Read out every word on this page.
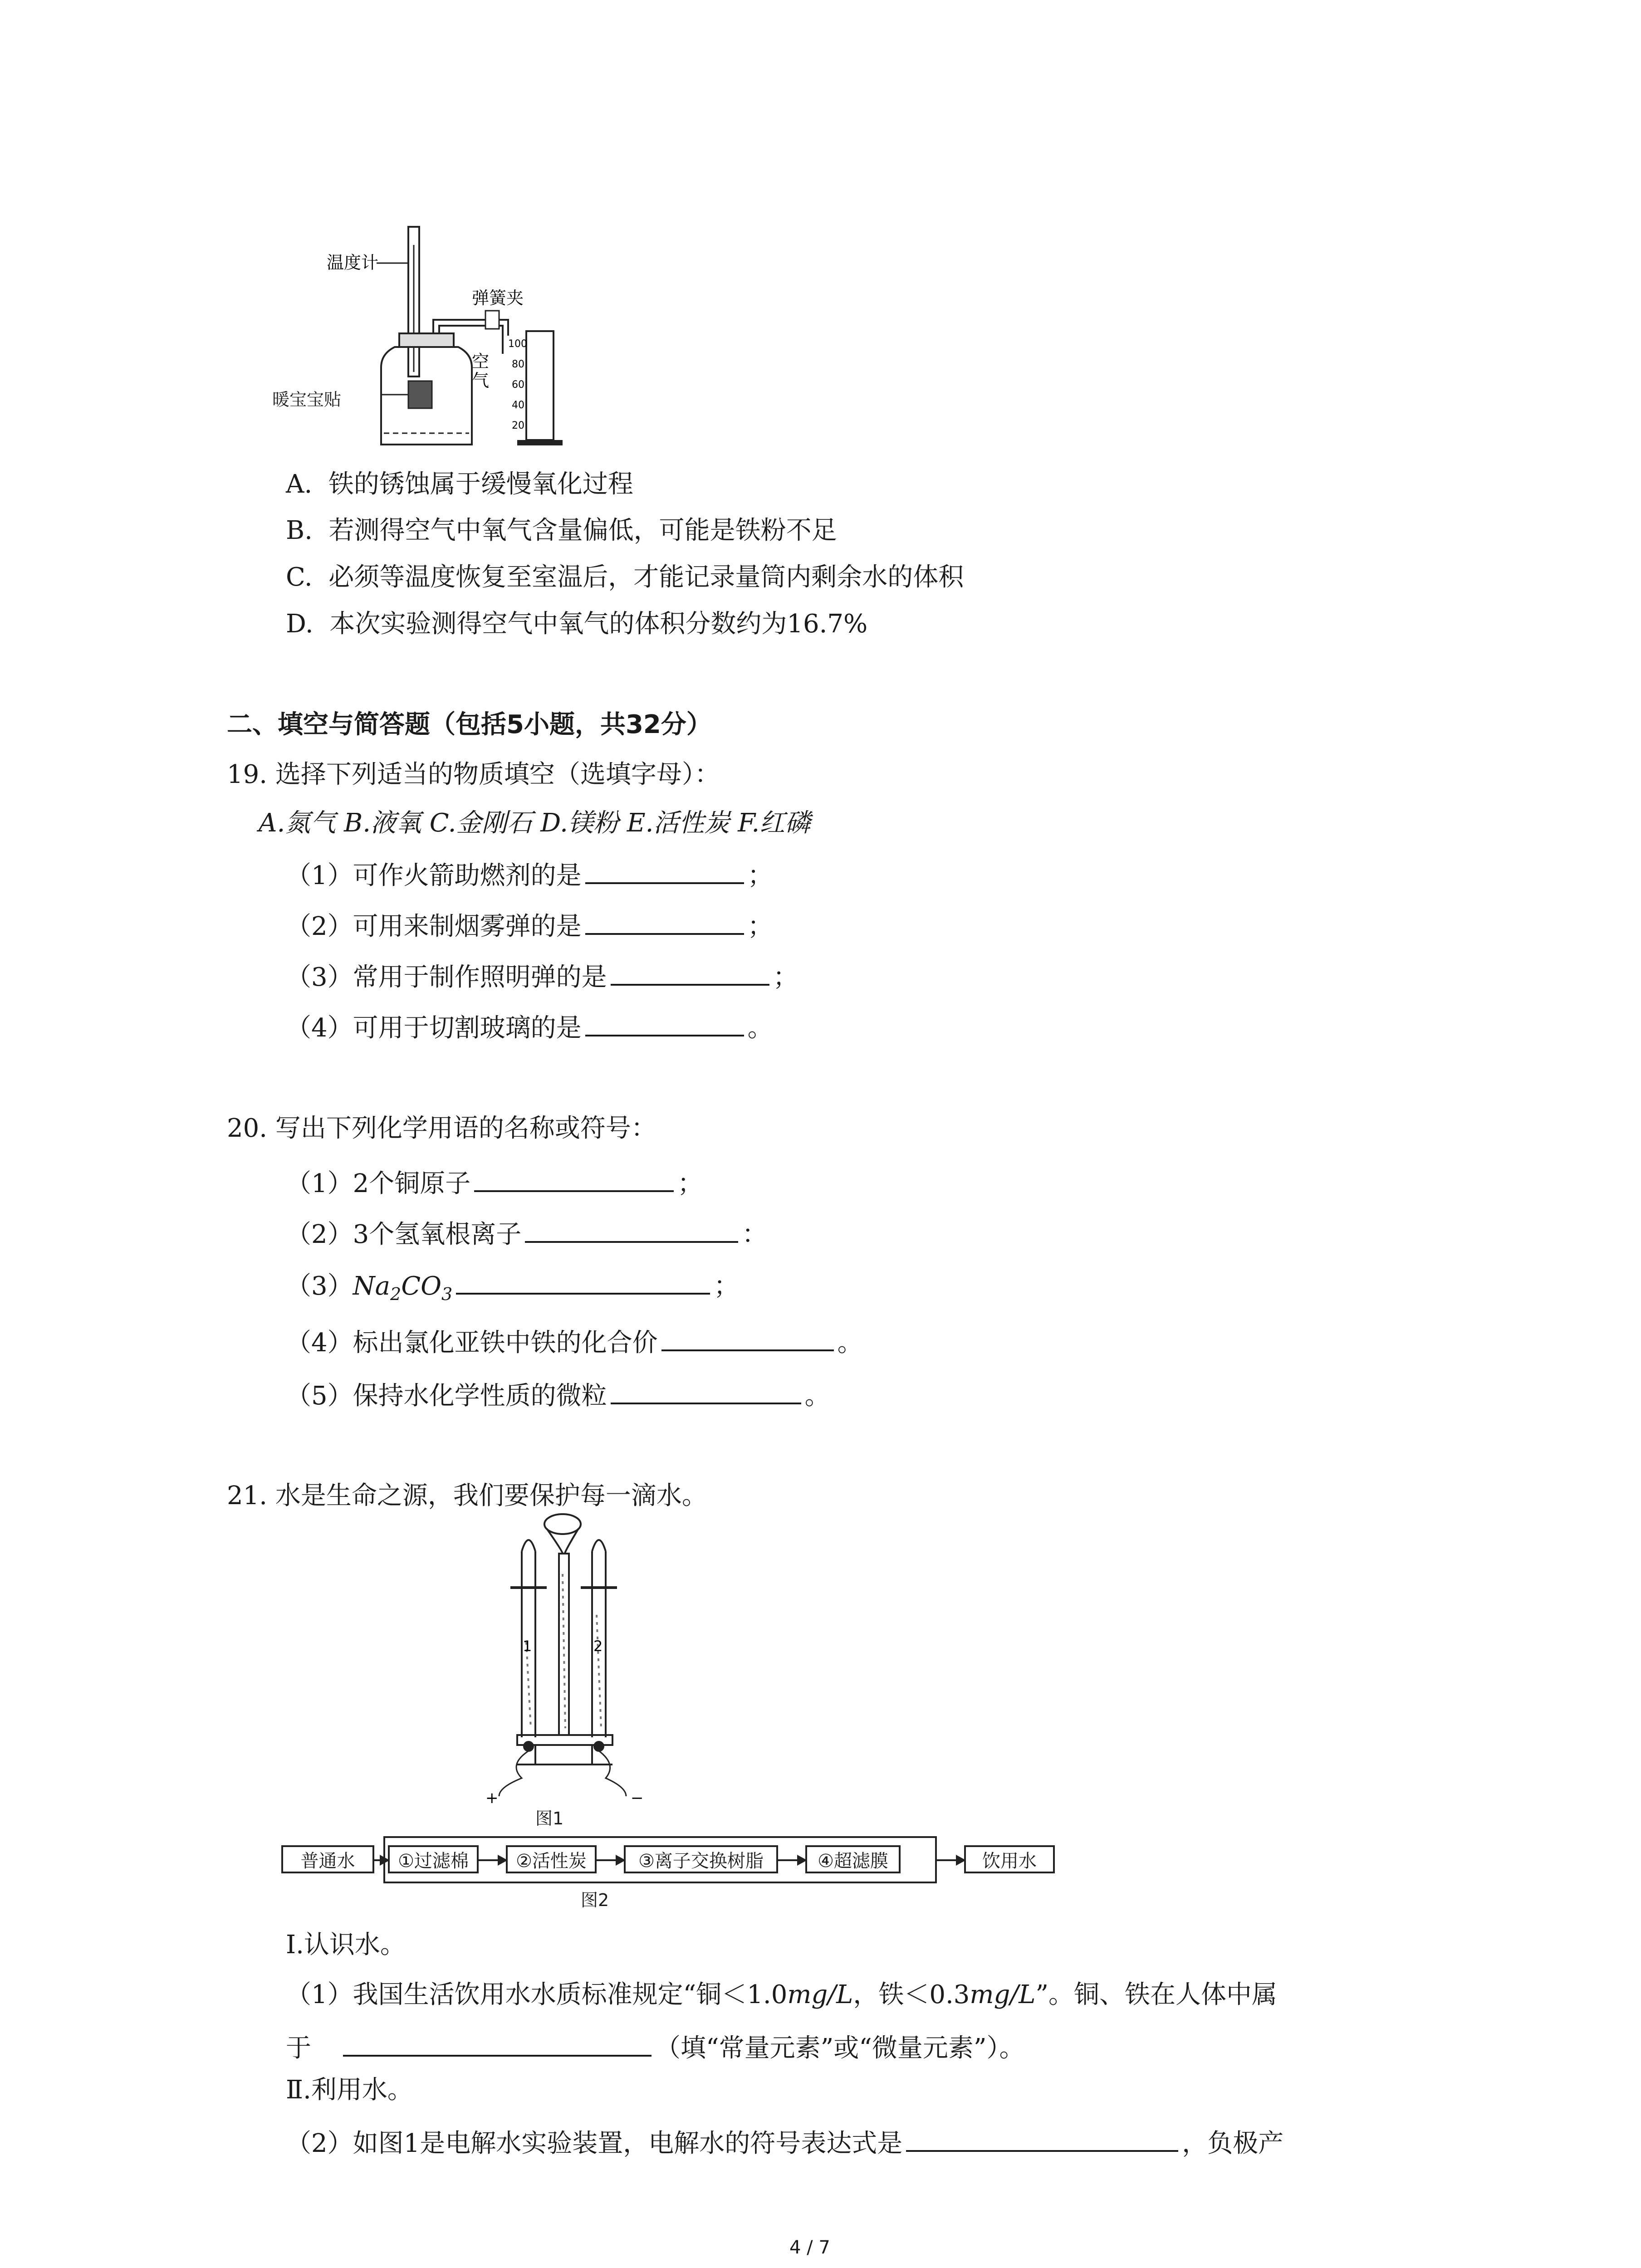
温度计
弹簧夹
空
气
100
80
60
40
20
暖宝宝贴
A. 铁的锈蚀属于缓慢氧化过程
B. 若测得空气中氧气含量偏低，可能是铁粉不足
C. 必须等温度恢复至室温后，才能记录量筒内剩余水的体积
D. 本次实验测得空气中氧气的体积分数约为16.7%
二、填空与简答题（包括5小题，共32分）
19. 选择下列适当的物质填空（选填字母）：
A.氮气 B.液氧 C.金刚石 D.镁粉 E.活性炭 F.红磷
（1）可作火箭助燃剂的是	；
（2）可用来制烟雾弹的是	；
（3）常用于制作照明弹的是	；
（4）可用于切割玻璃的是	。
20. 写出下列化学用语的名称或符号：
（1）2个铜原子	；
（2）3个氢氧根离子	：
$(3)Na_2CO_3$	；
（4）标出氯化亚铁中铁的化合价	。
（5）保持水化学性质的微粒	。
21. 水是生命之源，我们要保护每一滴水。
1	2
+	−
图1
普通水	①过滤棉	②活性炭	③离子交换树脂	④超滤膜	饮用水
图2
Ⅰ.认识水。
（1）我国生活饮用水水质标准规定“铜＜1.0mg/L，铁＜0.3mg/L”。铜、铁在人体中属
于	（填“常量元素”或“微量元素”）。
Ⅱ.利用水。
（2）如图1是电解水实验装置，电解水的符号表达式是	，负极产
4 / 7
